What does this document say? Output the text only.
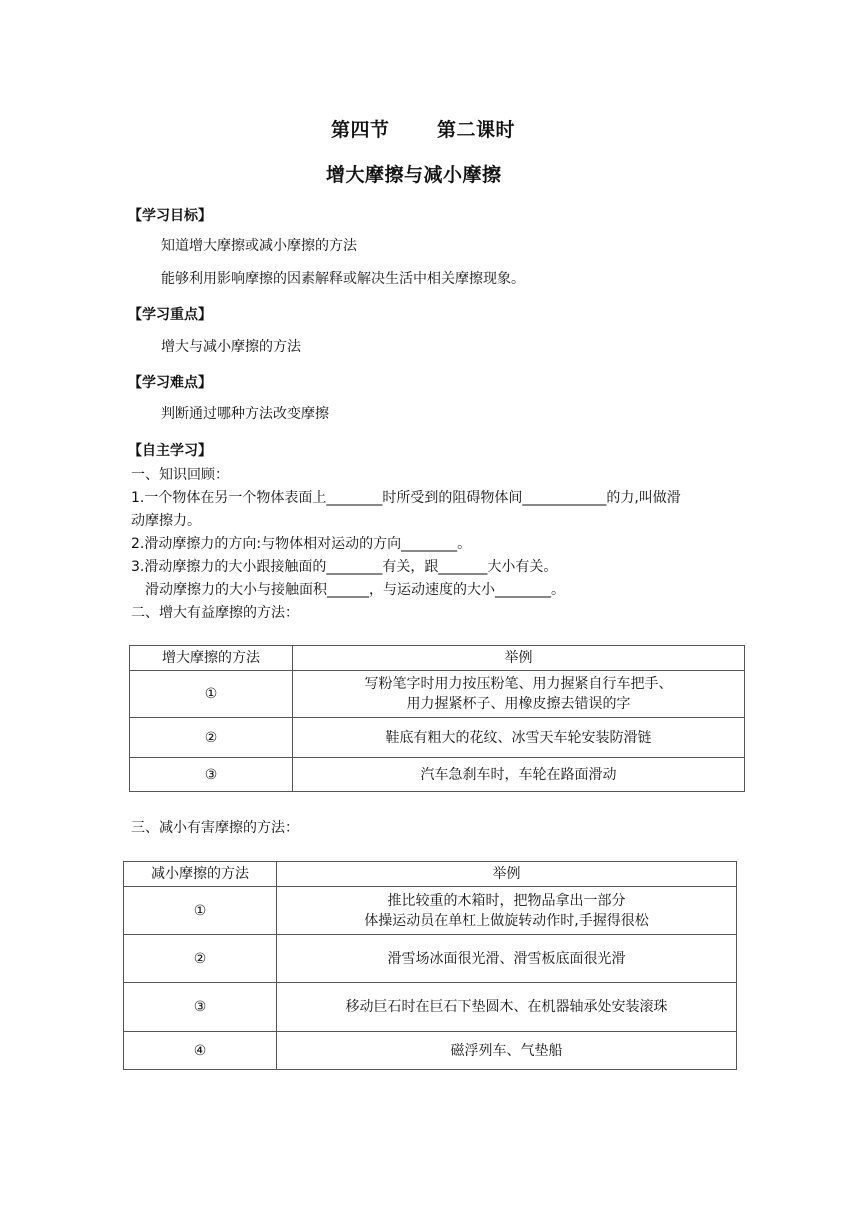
第四节 第二课时
增大摩擦与减小摩擦
【学习目标】
知道增大摩擦或减小摩擦的方法
能够利用影响摩擦的因素解释或解决生活中相关摩擦现象。
【学习重点】
增大与减小摩擦的方法
【学习难点】
判断通过哪种方法改变摩擦
【自主学习】
一、知识回顾：
1.一个物体在另一个物体表面上________时所受到的阻碍物体间____________的力,叫做滑
动摩擦力。
2.滑动摩擦力的方向:与物体相对运动的方向________。
3.滑动摩擦力的大小跟接触面的________有关，跟_______大小有关。
滑动摩擦力的大小与接触面积______，与运动速度的大小________。
二、增大有益摩擦的方法：
增大摩擦的方法	举例
①	写粉笔字时用力按压粉笔、用力握紧自行车把手、
用力握紧杯子、用橡皮擦去错误的字

②	鞋底有粗大的花纹、冰雪天车轮安装防滑链
③	汽车急刹车时，车轮在路面滑动
三、减小有害摩擦的方法：
减小摩擦的方法	举例
①	推比较重的木箱时，把物品拿出一部分
体操运动员在单杠上做旋转动作时,手握得很松

②	滑雪场冰面很光滑、滑雪板底面很光滑
③	移动巨石时在巨石下垫圆木、在机器轴承处安装滚珠
④	磁浮列车、气垫船
